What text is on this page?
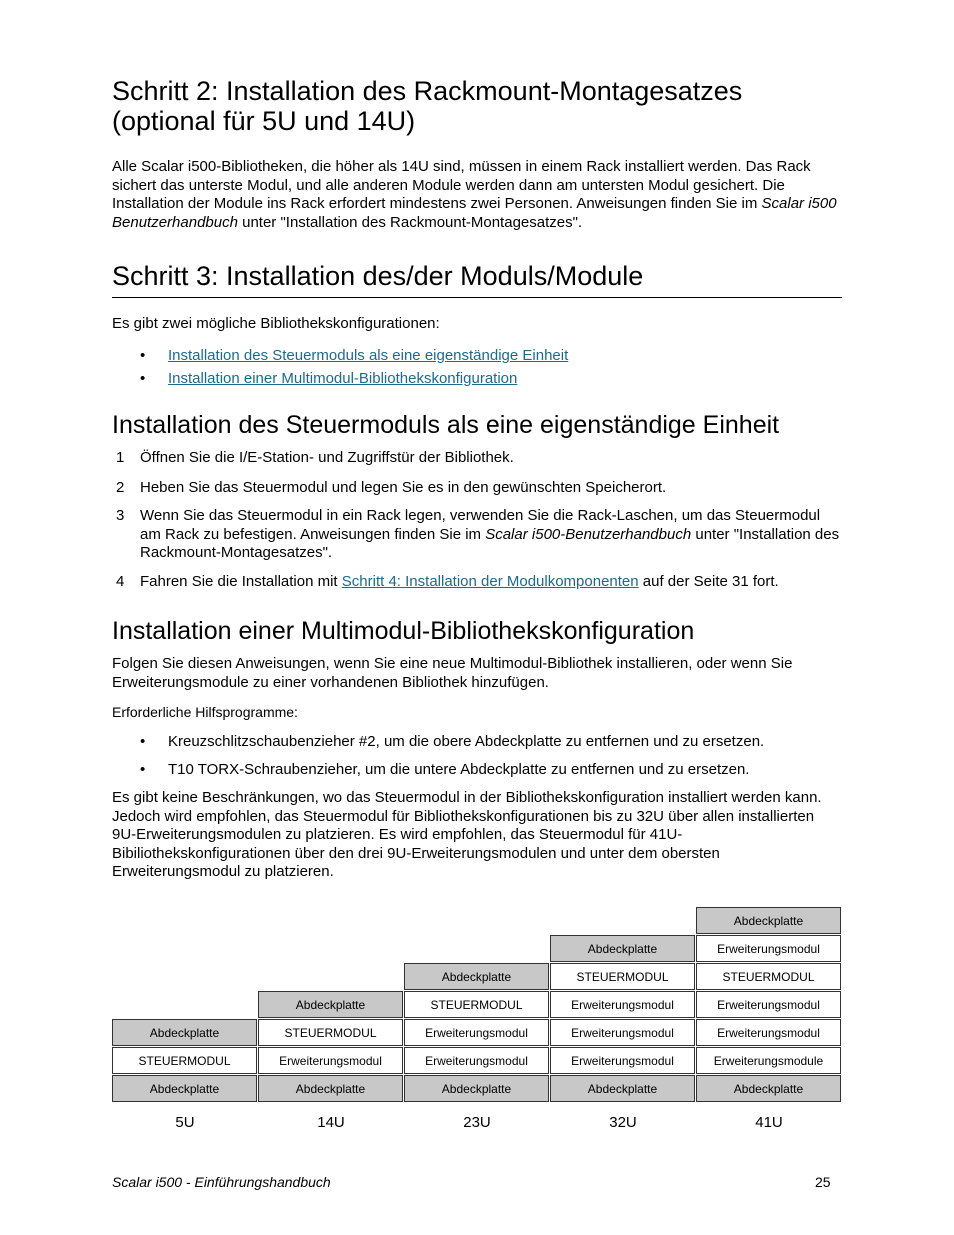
Schritt 2: Installation des Rackmount-Montagesatzes (optional für 5U und 14U)

Alle Scalar i500-Bibliotheken, die höher als 14U sind, müssen in einem Rack installiert werden. Das Rack sichert das unterste Modul, und alle anderen Module werden dann am untersten Modul gesichert. Die Installation der Module ins Rack erfordert mindestens zwei Personen. Anweisungen finden Sie im Scalar i500 Benutzerhandbuch unter "Installation des Rackmount-Montagesatzes".

Schritt 3: Installation des/der Moduls/Module

Es gibt zwei mögliche Bibliothekskonfigurationen:

• Installation des Steuermoduls als eine eigenständige Einheit
• Installation einer Multimodul-Bibliothekskonfiguration
Installation des Steuermoduls als eine eigenständige Einheit
1 Öffnen Sie die I/E-Station- und Zugriffstür der Bibliothek.
2 Heben Sie das Steuermodul und legen Sie es in den gewünschten Speicherort.
3 Wenn Sie das Steuermodul in ein Rack legen, verwenden Sie die Rack-Laschen, um das Steuermodul am Rack zu befestigen. Anweisungen finden Sie im Scalar i500-Benutzerhandbuch unter "Installation des Rackmount-Montagesatzes".
4 Fahren Sie die Installation mit Schritt 4: Installation der Modulkomponenten auf der Seite 31 fort.
Installation einer Multimodul-Bibliothekskonfiguration

Folgen Sie diesen Anweisungen, wenn Sie eine neue Multimodul-Bibliothek installieren, oder wenn Sie Erweiterungsmodule zu einer vorhandenen Bibliothek hinzufügen.

Erforderliche Hilfsprogramme:

• Kreuzschlitzschaubenzieher #2, um die obere Abdeckplatte zu entfernen und zu ersetzen.
• T10 TORX-Schraubenzieher, um die untere Abdeckplatte zu entfernen und zu ersetzen.

Es gibt keine Beschränkungen, wo das Steuermodul in der Bibliothekskonfiguration installiert werden kann. Jedoch wird empfohlen, das Steuermodul für Bibliothekskonfigurationen bis zu 32U über allen installierten 9U-Erweiterungsmodulen zu platzieren. Es wird empfohlen, das Steuermodul für 41U-Bibiliothekskonfigurationen über den drei 9U-Erweiterungsmodulen und unter dem obersten Erweiterungsmodul zu platzieren.

Abdeckplatte
STEUERMODUL
Abdeckplatte
5U
Abdeckplatte
STEUERMODUL
Erweiterungsmodul
Abdeckplatte
14U
Abdeckplatte
STEUERMODUL
Erweiterungsmodul
Erweiterungsmodul
Abdeckplatte
23U
Abdeckplatte
STEUERMODUL
Erweiterungsmodul
Erweiterungsmodul
Erweiterungsmodul
Abdeckplatte
32U
Abdeckplatte
Erweiterungsmodul
STEUERMODUL
Erweiterungsmodul
Erweiterungsmodul
Erweiterungsmodule
Abdeckplatte
41U
Scalar i500 - Einführungshandbuch	25
